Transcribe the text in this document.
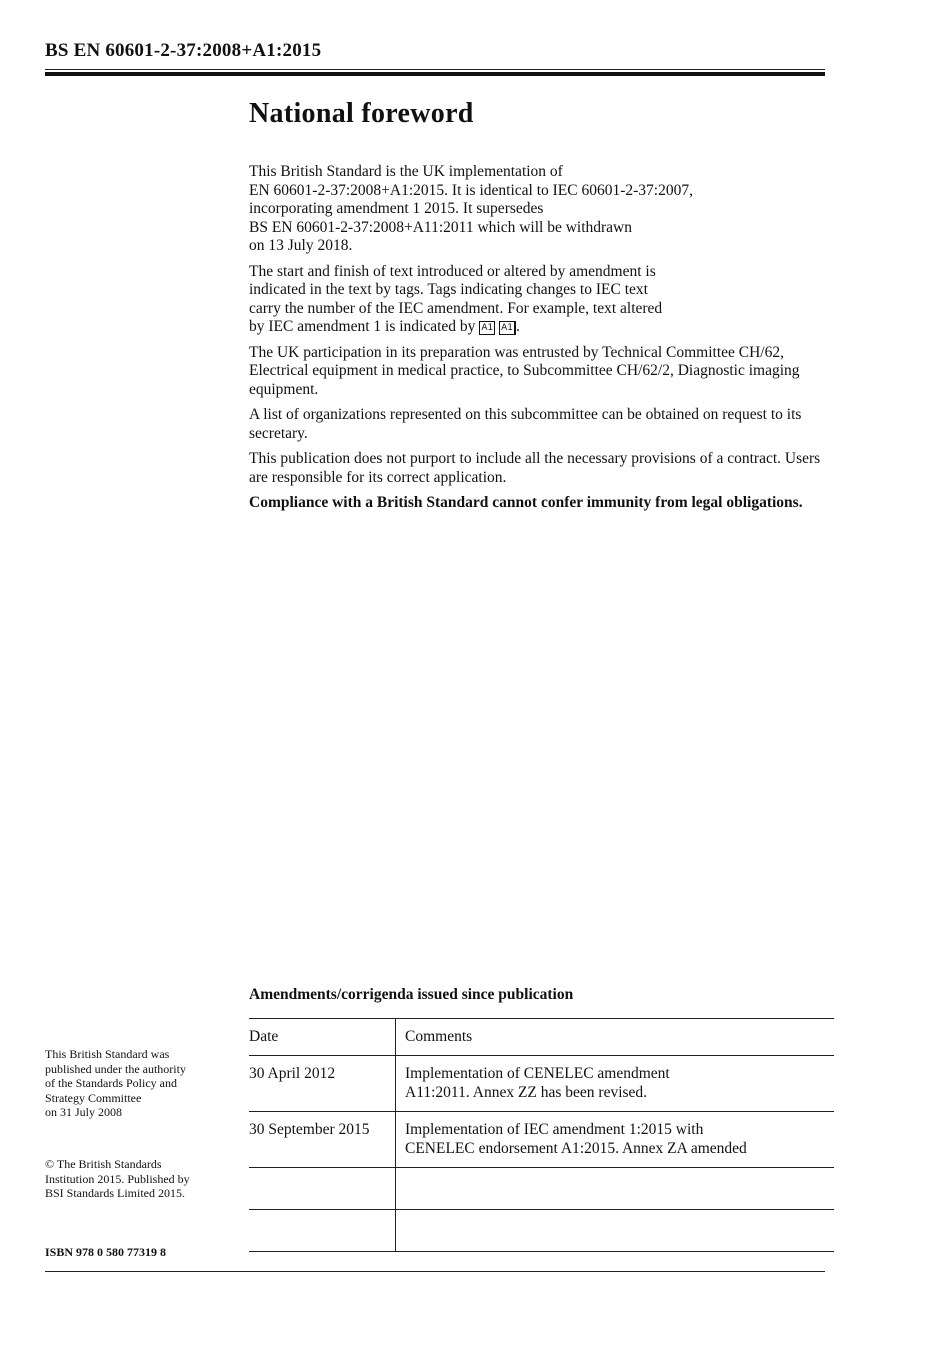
BS EN 60601-2-37:2008+A1:2015
National foreword

This British Standard is the UK implementation of
EN 60601-2-37:2008+A1:2015. It is identical to IEC 60601-2-37:2007,
incorporating amendment 1 2015. It supersedes
BS EN 60601-2-37:2008+A11:2011 which will be withdrawn
on 13 July 2018.

The start and finish of text introduced or altered by amendment is
indicated in the text by tags. Tags indicating changes to IEC text
carry the number of the IEC amendment. For example, text altered
by IEC amendment 1 is indicated by A1 A1 .

The UK participation in its preparation was entrusted by Technical Committee CH/62, Electrical equipment in medical practice, to Subcommittee CH/62/2, Diagnostic imaging equipment.

A list of organizations represented on this subcommittee can be obtained on request to its secretary.

This publication does not purport to include all the necessary provisions of a contract. Users are responsible for its correct application.

Compliance with a British Standard cannot confer immunity from legal obligations.

This British Standard was
published under the authority
of the Standards Policy and
Strategy Committee
on 31 July 2008
© The British Standards
Institution 2015. Published by
BSI Standards Limited 2015.
ISBN 978 0 580 77319 8
Amendments/corrigenda issued since publication
Date	Comments
30 April 2012	Implementation of CENELEC amendment
A11:2011. Annex ZZ has been revised.
30 September 2015	Implementation of IEC amendment 1:2015 with
CENELEC endorsement A1:2015. Annex ZA amended
